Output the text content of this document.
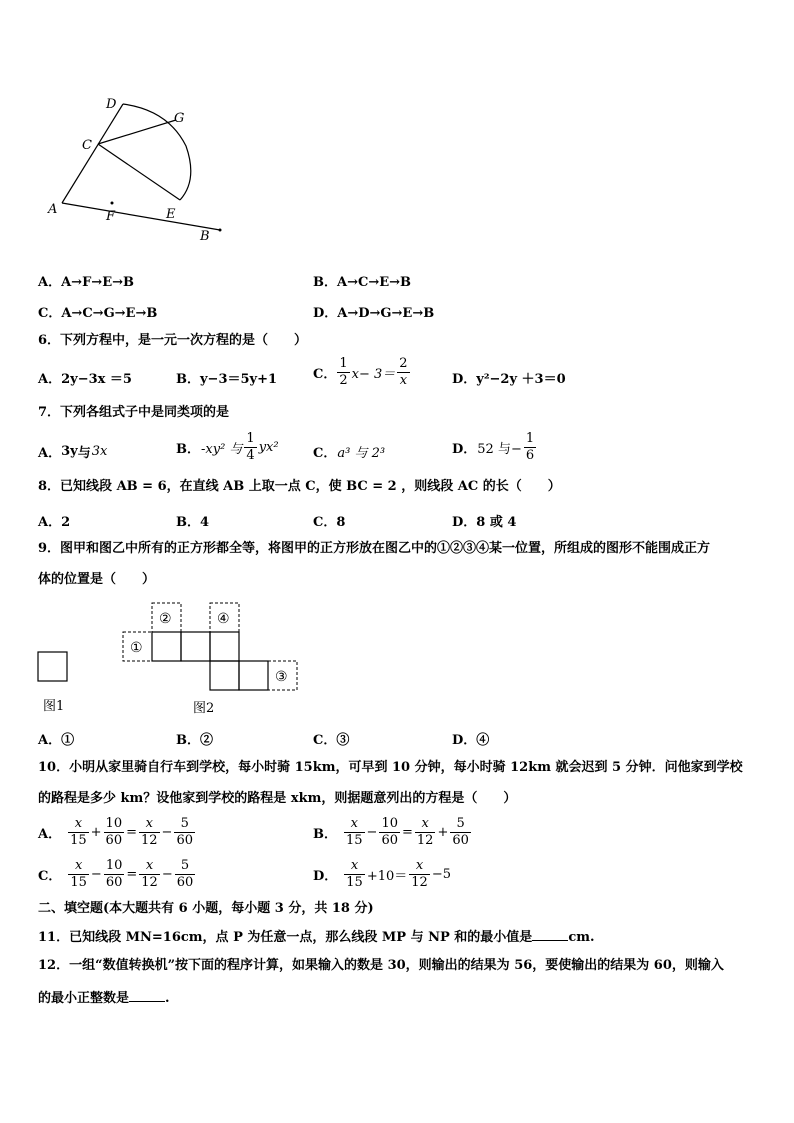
D
G
C
A	F	E
B
A．A→F→E→B	B．A→C→E→B
C．A→C→G→E→B	D．A→D→G→E→B
6．下列方程中，是一元一次方程的是（　　）
A． 2y−3x ＝5	B． y−3＝5y+1	C． $\frac{1}{2} x- 3= \frac{2}{x}$	D． y²−2y ＋3＝0
7．下列各组式子中是同类项的是
A． 3y 与 3x	B． -xy² 与 $\frac{1}{4} yx^2$	C． a³ 与 2³	D． 52 与− $\frac{1}{6}$
8．已知线段 AB = 6，在直线 AB 上取一点 C，使 BC = 2 ，则线段 AC 的长（　　）
A．2	B．4	C．8	D．8 或 4
9．图甲和图乙中所有的正方形都全等，将图甲的正方形放在图乙中的①②③④某一位置，所组成的图形不能围成正方
体的位置是（　　）
①
②	④
③
图1	图2
A．①	B．②	C．③	D．④
10．小明从家里骑自行车到学校，每小时骑 15km，可早到 10 分钟，每小时骑 12km 就会迟到 5 分钟．问他家到学校
的路程是多少 km？设他家到学校的路程是 xkm，则据题意列出的方程是（　　）
A． $\frac{x}{15} + \frac{10}{60} = \frac{x}{12} - \frac{5}{60}$	B． $\frac{x}{15} - \frac{10}{60} = \frac{x}{12} + \frac{5}{60}$
C． $\frac{x}{15} - \frac{10}{60} = \frac{x}{12} - \frac{5}{60}$	D． $\frac{x}{15} +10= \frac{x}{12} -5$
二、填空题(本大题共有 6 小题，每小题 3 分，共 18 分)
11．已知线段 MN=16cm，点 P 为任意一点，那么线段 MP 与 NP 和的最小值是	cm.
12．一组“数值转换机”按下面的程序计算，如果输入的数是 30，则输出的结果为 56，要使输出的结果为 60，则输入
的最小正整数是	.
